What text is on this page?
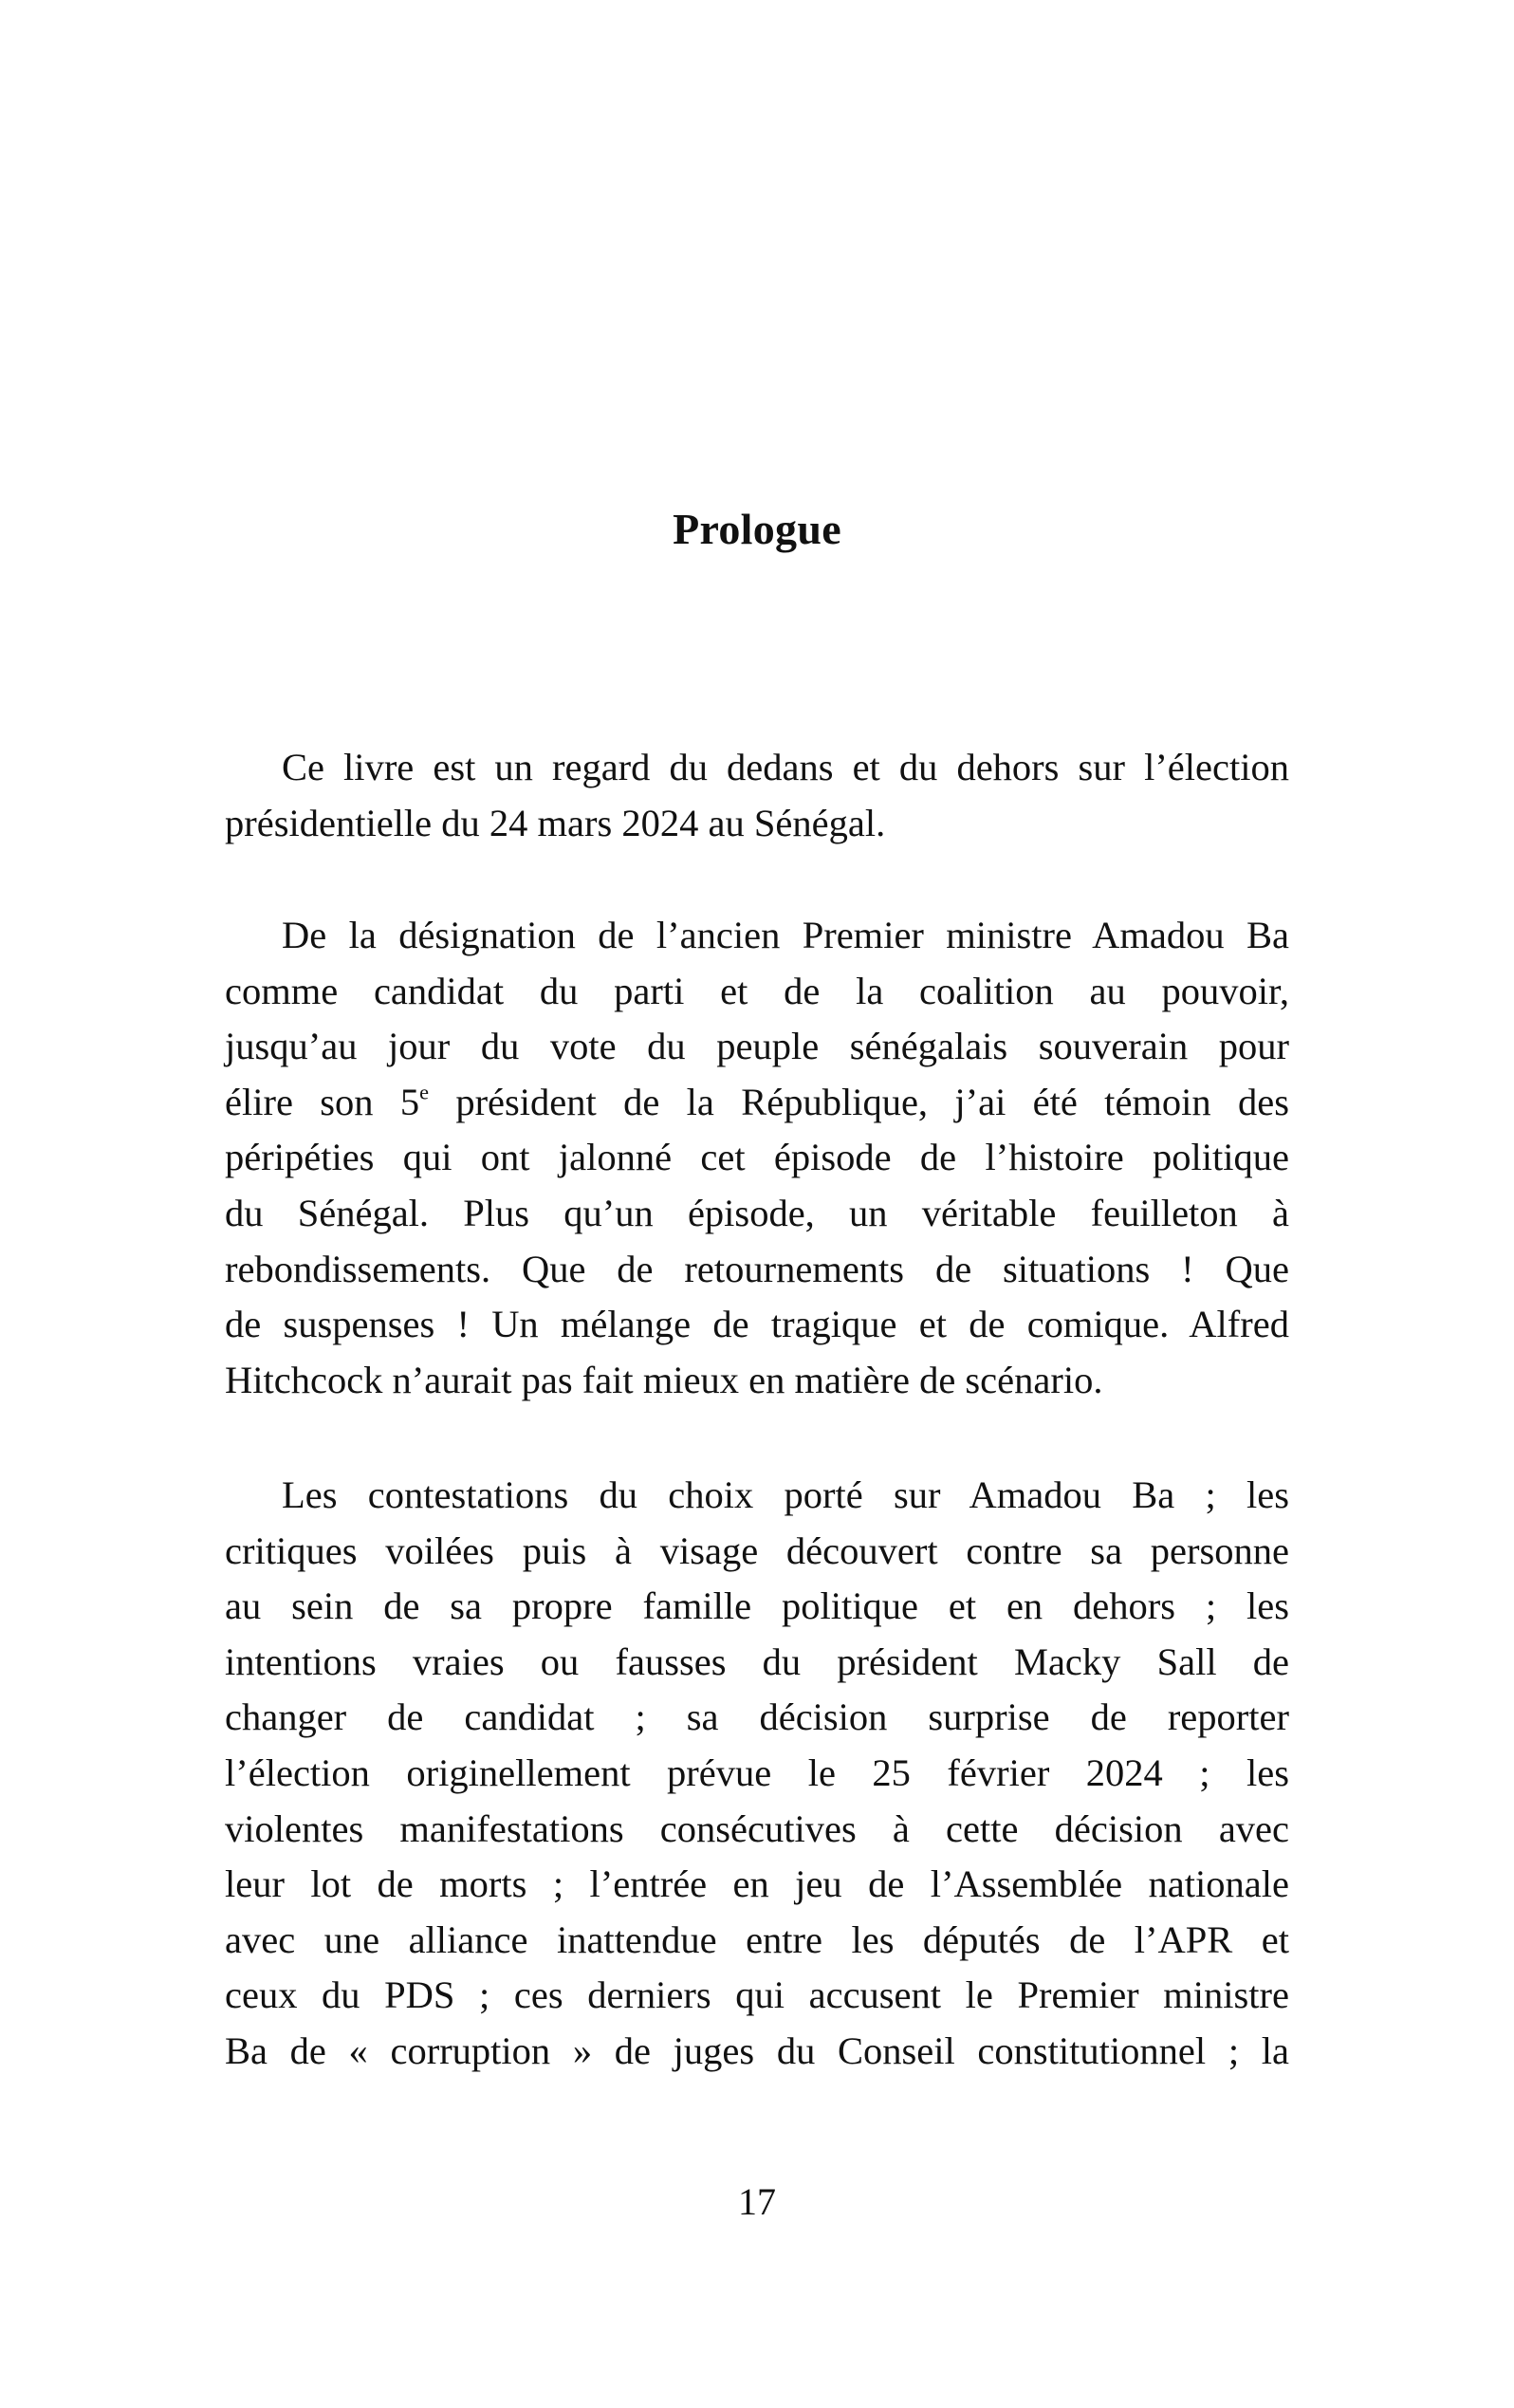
Prologue
Ce livre est un regard du dedans et du dehors sur l’élection
présidentielle du 24 mars 2024 au Sénégal.
De la désignation de l’ancien Premier ministre Amadou Ba
comme candidat du parti et de la coalition au pouvoir,
jusqu’au jour du vote du peuple sénégalais souverain pour
élire son 5e président de la République, j’ai été témoin des
péripéties qui ont jalonné cet épisode de l’histoire politique
du Sénégal. Plus qu’un épisode, un véritable feuilleton à
rebondissements. Que de retournements de situations ! Que
de suspenses ! Un mélange de tragique et de comique. Alfred
Hitchcock n’aurait pas fait mieux en matière de scénario.
Les contestations du choix porté sur Amadou Ba ; les
critiques voilées puis à visage découvert contre sa personne
au sein de sa propre famille politique et en dehors ; les
intentions vraies ou fausses du président Macky Sall de
changer de candidat ; sa décision surprise de reporter
l’élection originellement prévue le 25 février 2024 ; les
violentes manifestations consécutives à cette décision avec
leur lot de morts ; l’entrée en jeu de l’Assemblée nationale
avec une alliance inattendue entre les députés de l’APR et
ceux du PDS ; ces derniers qui accusent le Premier ministre
Ba de « corruption » de juges du Conseil constitutionnel ; la
17
